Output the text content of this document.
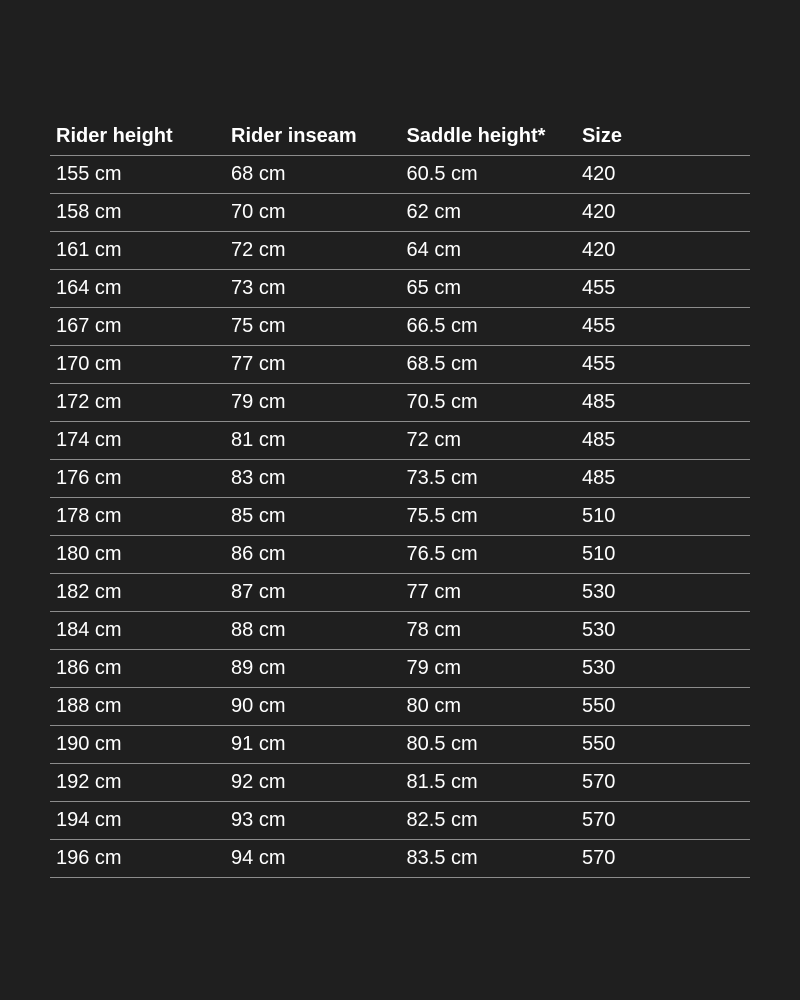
Rider height	Rider inseam	Saddle height*	Size
155 cm	68 cm	60.5 cm	420
158 cm	70 cm	62 cm	420
161 cm	72 cm	64 cm	420
164 cm	73 cm	65 cm	455
167 cm	75 cm	66.5 cm	455
170 cm	77 cm	68.5 cm	455
172 cm	79 cm	70.5 cm	485
174 cm	81 cm	72 cm	485
176 cm	83 cm	73.5 cm	485
178 cm	85 cm	75.5 cm	510
180 cm	86 cm	76.5 cm	510
182 cm	87 cm	77 cm	530
184 cm	88 cm	78 cm	530
186 cm	89 cm	79 cm	530
188 cm	90 cm	80 cm	550
190 cm	91 cm	80.5 cm	550
192 cm	92 cm	81.5 cm	570
194 cm	93 cm	82.5 cm	570
196 cm	94 cm	83.5 cm	570
